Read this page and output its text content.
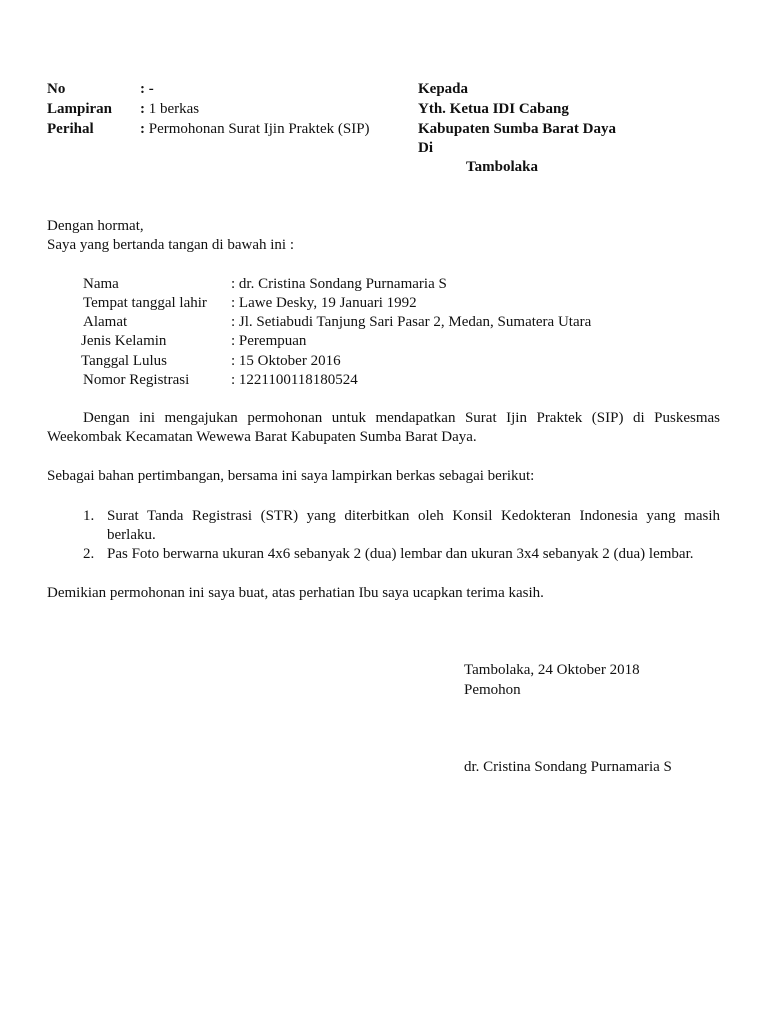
No	: -
Lampiran : 1 berkas
Perihal	: Permohonan Surat Ijin Praktek (SIP)
Kepada
Yth. Ketua IDI Cabang
Kabupaten Sumba Barat Daya
Di
Tambolaka
Dengan hormat,
Saya yang bertanda tangan di bawah ini :
Nama	: dr. Cristina Sondang Purnamaria S
Tempat tanggal lahir : Lawe Desky, 19 Januari 1992
Alamat	: Jl. Setiabudi Tanjung Sari Pasar 2, Medan, Sumatera Utara
Jenis Kelamin	: Perempuan
Tanggal Lulus	: 15 Oktober 2016
Nomor Registrasi	: 1221100118180524
Dengan ini mengajukan permohonan untuk mendapatkan Surat Ijin Praktek (SIP) di Puskesmas
Weekombak Kecamatan Wewewa Barat Kabupaten Sumba Barat Daya.
Sebagai bahan pertimbangan, bersama ini saya lampirkan berkas sebagai berikut:
1. Surat Tanda Registrasi (STR) yang diterbitkan oleh Konsil Kedokteran Indonesia yang masih
berlaku.
2. Pas Foto berwarna ukuran 4x6 sebanyak 2 (dua) lembar dan ukuran 3x4 sebanyak 2 (dua) lembar.
Demikian permohonan ini saya buat, atas perhatian Ibu saya ucapkan terima kasih.
Tambolaka, 24 Oktober 2018
Pemohon
dr. Cristina Sondang Purnamaria S
